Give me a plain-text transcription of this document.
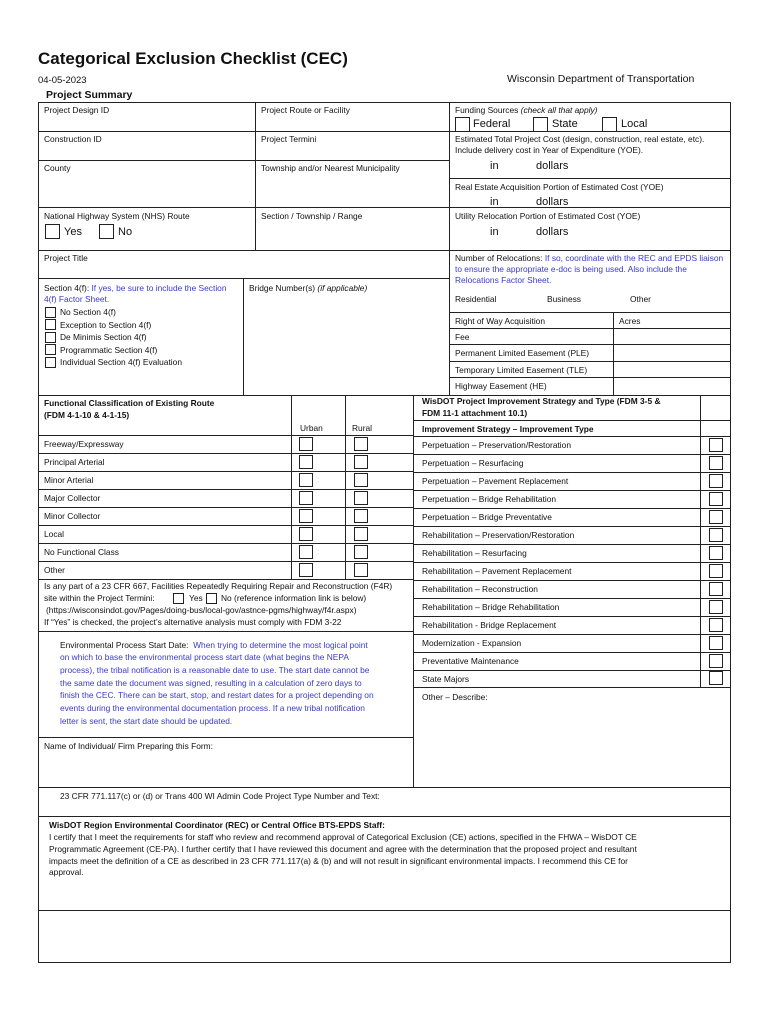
Categorical Exclusion Checklist (CEC)
04-05-2023	Wisconsin Department of Transportation
Project Summary
Project Design ID	Project Route or Facility	Funding Sources (check all that apply)
Federal	State	Local
Construction ID	Project Termini	Estimated Total Project Cost (design, construction, real estate, etc). Include delivery cost in Year of Expenditure (YOE).
in	dollars
County	Township and/or Nearest Municipality
Real Estate Acquisition Portion of Estimated Cost (YOE)
in	dollars
National Highway System (NHS) Route
Yes	No
Section / Township / Range	Utility Relocation Portion of Estimated Cost (YOE)
in	dollars
Project Title	Number of Relocations: If so, coordinate with the REC and EPDS liaison to ensure the appropriate e-doc is being used. Also include the Relocations Factor Sheet.
Residential	Business	Other
Section 4(f): If yes, be sure to include the Section 4(f) Factor Sheet.
No Section 4(f)
Exception to Section 4(f)
De Minimis Section 4(f)
Programmatic Section 4(f)
Individual Section 4(f) Evaluation
Bridge Number(s) (if applicable)
Right of Way Acquisition	Acres
Fee
Permanent Limited Easement (PLE)
Temporary Limited Easement (TLE)
Highway Easement (HE)
Functional Classification of Existing Route
(FDM 4-1-10 & 4-1-15)
Urban	Rural
Freeway/Expressway
Principal Arterial
Minor Arterial
Major Collector
Minor Collector
Local
No Functional Class
Other
Is any part of a 23 CFR 667, Facilities Repeatedly Requiring Repair and Reconstruction (F4R)
site within the Project Termini:	Yes No (reference information link is below)
(https://wisconsindot.gov/Pages/doing-bus/local-gov/astnce-pgms/highway/f4r.aspx)
If “Yes” is checked, the project’s alternative analysis must comply with FDM 3-22
Environmental Process Start Date: When trying to determine the most logical point
on which to base the environmental process start date (what begins the NEPA
process), the tribal notification is a reasonable date to use. The start date cannot be
the same date the document was signed, resulting in a calculation of zero days to
finish the CEC. There can be start, stop, and restart dates for a project depending on
events during the environmental documentation process. If a new tribal notification
letter is sent, the start date should be updated.
Name of Individual/ Firm Preparing this Form:
WisDOT Project Improvement Strategy and Type (FDM 3-5 &
FDM 11-1 attachment 10.1)
Improvement Strategy – Improvement Type
Perpetuation – Preservation/Restoration
Perpetuation – Resurfacing
Perpetuation – Pavement Replacement
Perpetuation – Bridge Rehabilitation
Perpetuation – Bridge Preventative
Rehabilitation – Preservation/Restoration
Rehabilitation – Resurfacing
Rehabilitation – Pavement Replacement
Rehabilitation – Reconstruction
Rehabilitation – Bridge Rehabilitation
Rehabilitation - Bridge Replacement
Modernization - Expansion
Preventative Maintenance
State Majors
Other – Describe:
23 CFR 771.117(c) or (d) or Trans 400 WI Admin Code Project Type Number and Text:
WisDOT Region Environmental Coordinator (REC) or Central Office BTS-EPDS Staff:
I certify that I meet the requirements for staff who review and recommend approval of Categorical Exclusion (CE) actions, specified in the FHWA – WisDOT CE
Programmatic Agreement (CE-PA). I further certify that I have reviewed this document and agree with the determination that the proposed project and resultant
impacts meet the definition of a CE as described in 23 CFR 771.117(a) & (b) and will not result in significant environmental impacts. I recommend this CE for
approval.
